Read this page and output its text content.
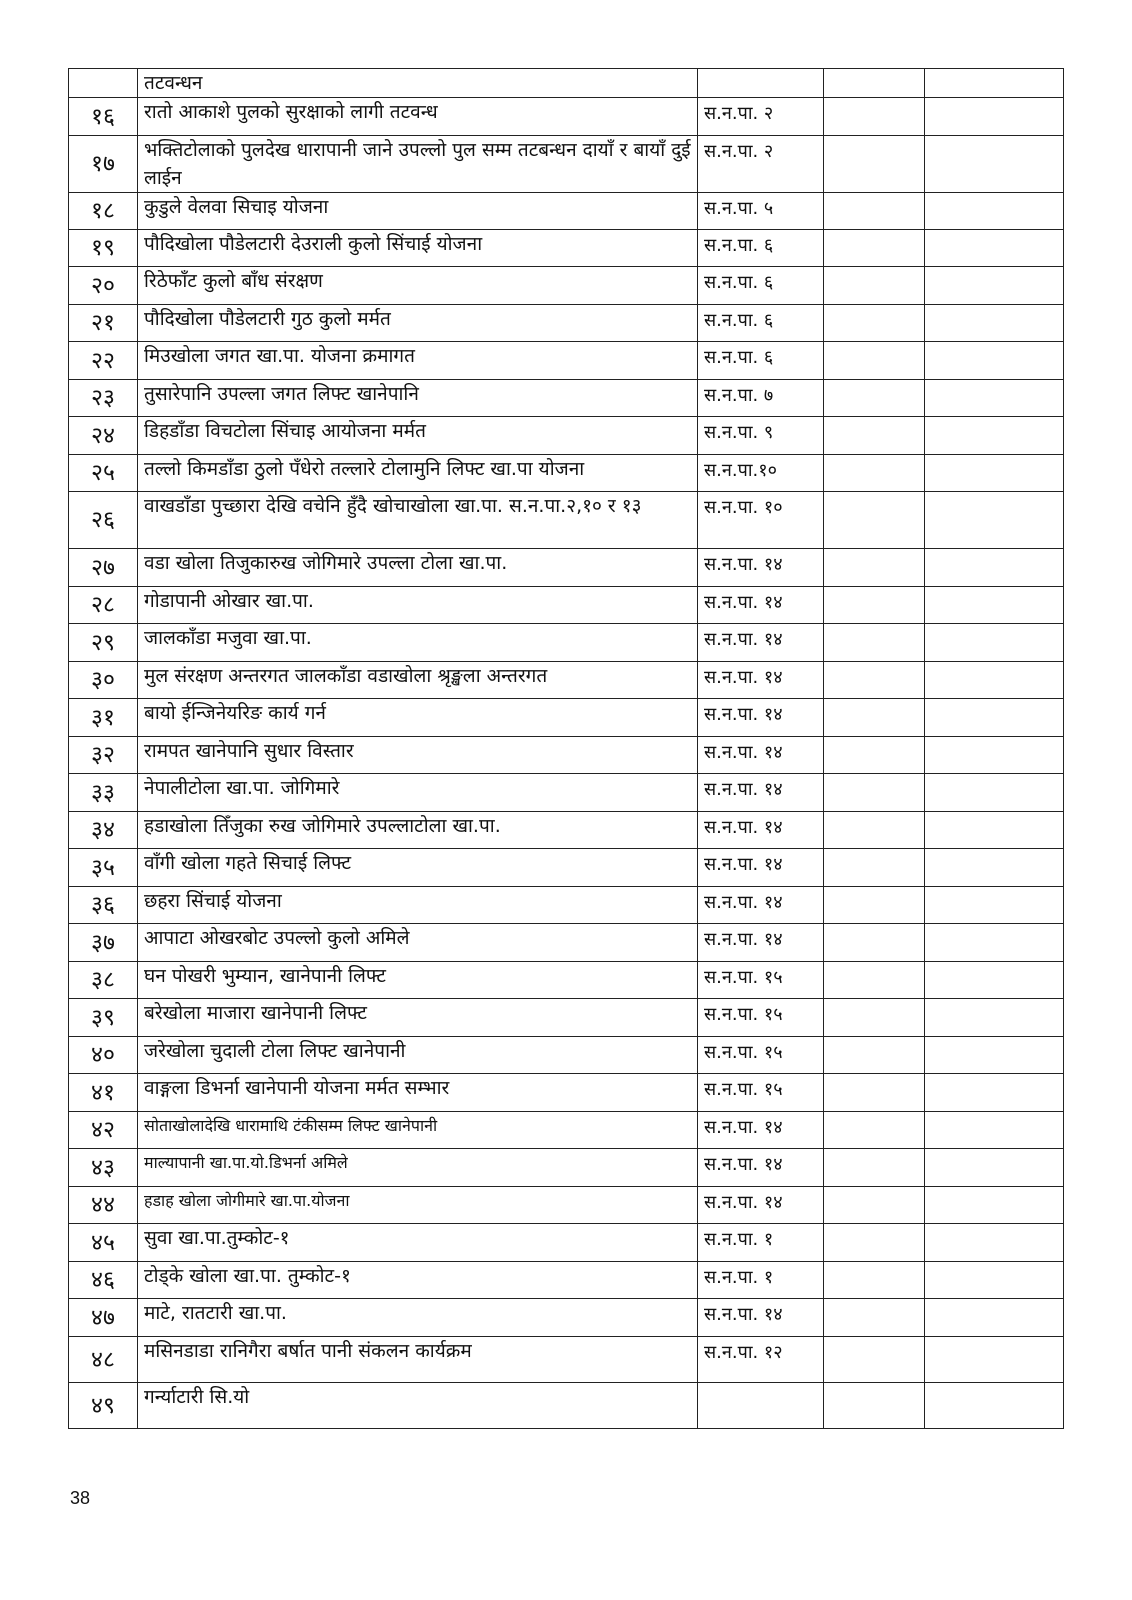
	तटवन्धन			
१६	रातो आकाशे पुलको सुरक्षाको लागी तटवन्ध	स.न.पा. २		
१७	भक्तिटोलाको पुलदेख धारापानी जाने उपल्लो पुल सम्म तटबन्धन दायाँ र बायाँ दुई लाईन	स.न.पा. २		
१८	कुडुले वेलवा सिचाइ योजना	स.न.पा. ५		
१९	पौदिखोला पौडेलटारी देउराली कुलो सिंचाई योजना	स.न.पा. ६		
२०	रिठेफाँट कुलो बाँध संरक्षण	स.न.पा. ६		
२१	पौदिखोला पौडेलटारी गुठ कुलो मर्मत	स.न.पा. ६		
२२	मिउखोला जगत खा.पा. योजना क्रमागत	स.न.पा. ६		
२३	तुसारेपानि उपल्ला जगत लिफ्ट खानेपानि	स.न.पा. ७		
२४	डिहडाँडा विचटोला सिंचाइ आयोजना मर्मत	स.न.पा. ९		
२५	तल्लो किमडाँडा ठुलो पँधेरो तल्लारे टोलामुनि लिफ्ट खा.पा योजना	स.न.पा.१०		
२६	वाखडाँडा पुच्छारा देखि वचेनि हुँदै खोचाखोला खा.पा. स.न.पा.२,१० र १३	स.न.पा. १०		
२७	वडा खोला तिजुकारुख जोगिमारे उपल्ला टोला खा.पा.	स.न.पा. १४		
२८	गोडापानी ओखार खा.पा.	स.न.पा. १४		
२९	जालकाँडा मजुवा खा.पा.	स.न.पा. १४		
३०	मुल संरक्षण अन्तरगत जालकाँडा वडाखोला श्रृङ्खला अन्तरगत	स.न.पा. १४		
३१	बायो ईन्जिनेयरिङ कार्य गर्न	स.न.पा. १४		
३२	रामपत खानेपानि सुधार विस्तार	स.न.पा. १४		
३३	नेपालीटोला खा.पा. जोगिमारे	स.न.पा. १४		
३४	हडाखोला तिँजुका रुख जोगिमारे उपल्लाटोला खा.पा.	स.न.पा. १४		
३५	वाँगी खोला गहते सिचाई लिफ्ट	स.न.पा. १४		
३६	छहरा सिंचाई योजना	स.न.पा. १४		
३७	आपाटा ओखरबोट उपल्लो कुलो अमिले	स.न.पा. १४		
३८	घन पोखरी भुम्यान, खानेपानी लिफ्ट	स.न.पा. १५		
३९	बरेखोला माजारा खानेपानी लिफ्ट	स.न.पा. १५		
४०	जरेखोला चुदाली टोला लिफ्ट खानेपानी	स.न.पा. १५		
४१	वाङ्गला डिभर्ना खानेपानी योजना मर्मत सम्भार	स.न.पा. १५		
४२	सोताखोलादेखि धारामाथि टंकीसम्म लिफ्ट खानेपानी	स.न.पा. १४		
४३	माल्यापानी खा.पा.यो.डिभर्ना अमिले	स.न.पा. १४		
४४	हडाह खोला जोगीमारे खा.पा.योजना	स.न.पा. १४		
४५	सुवा खा.पा.तुम्कोट-१	स.न.पा. १		
४६	टोड्के खोला खा.पा. तुम्कोट-१	स.न.पा. १		
४७	माटे, रातटारी खा.पा.	स.न.पा. १४		
४८	मसिनडाडा रानिगैरा बर्षात पानी संकलन कार्यक्रम	स.न.पा. १२		
४९	गर्न्याटारी सि.यो			
38
